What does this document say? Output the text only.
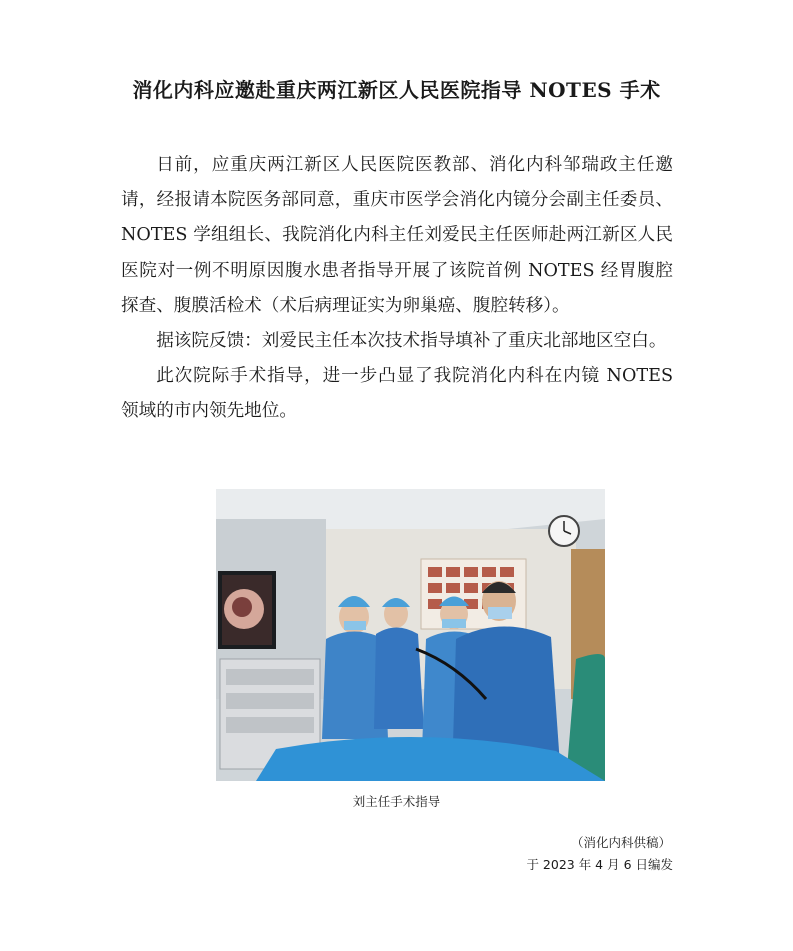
消化内科应邀赴重庆两江新区人民医院指导 NOTES 手术

日前，应重庆两江新区人民医院医教部、消化内科邹瑞政主任邀请，经报请本院医务部同意，重庆市医学会消化内镜分会副主任委员、NOTES 学组组长、我院消化内科主任刘爱民主任医师赴两江新区人民医院对一例不明原因腹水患者指导开展了该院首例 NOTES 经胃腹腔探查、腹膜活检术（术后病理证实为卵巢癌、腹腔转移）。

据该院反馈：刘爱民主任本次技术指导填补了重庆北部地区空白。

此次院际手术指导，进一步凸显了我院消化内科在内镜 NOTES 领域的市内领先地位。

刘主任手术指导
（消化内科供稿）
于 2023 年 4 月 6 日编发
